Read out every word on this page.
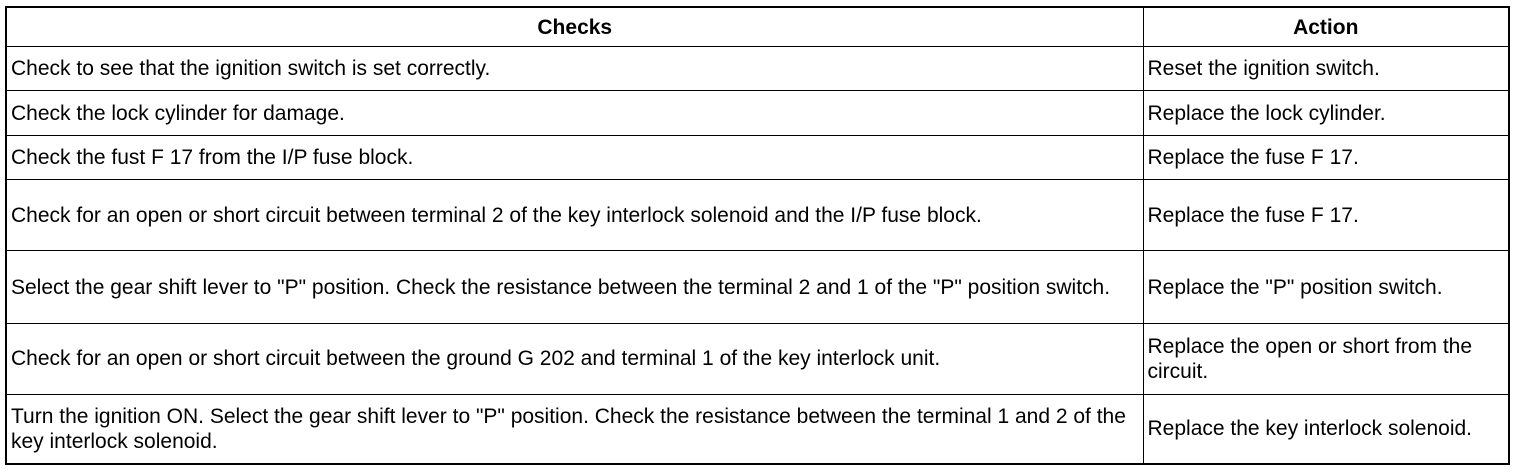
Checks	Action
Check to see that the ignition switch is set correctly.	Reset the ignition switch.
Check the lock cylinder for damage.	Replace the lock cylinder.
Check the fust F 17 from the I/P fuse block.	Replace the fuse F 17.
Check for an open or short circuit between terminal 2 of the key interlock solenoid and the I/P fuse block.	Replace the fuse F 17.
Select the gear shift lever to "P" position. Check the resistance between the terminal 2 and 1 of the "P" position switch.	Replace the "P" position switch.
Check for an open or short circuit between the ground G 202 and terminal 1 of the key interlock unit.	Replace the open or short from the circuit.
Turn the ignition ON. Select the gear shift lever to "P" position. Check the resistance between the terminal 1 and 2 of the key interlock solenoid.	Replace the key interlock solenoid.
